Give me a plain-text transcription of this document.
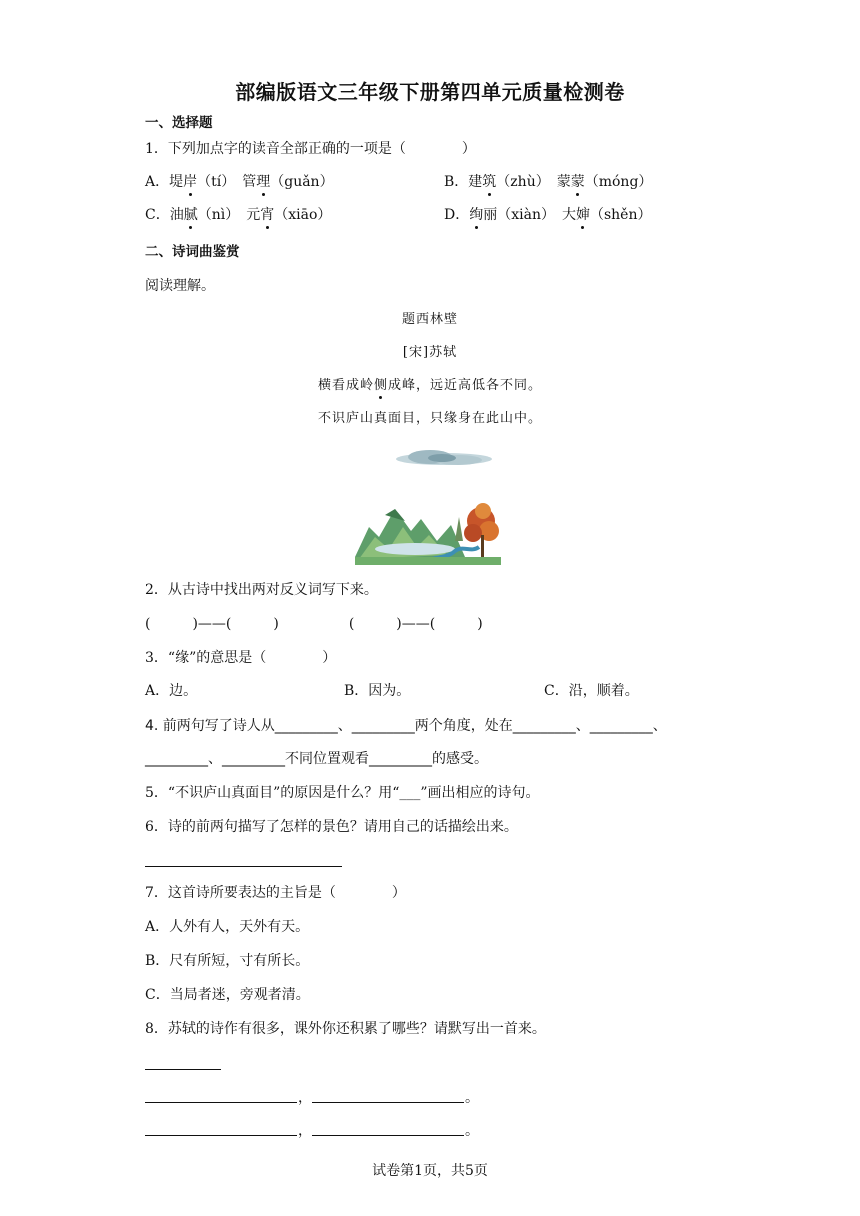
部编版语文三年级下册第四单元质量检测卷
一、选择题
1．下列加点字的读音全部正确的一项是（　　　　）
A．堤岸（tí）　管理（guǎn）	B．建筑（zhù）　蒙蒙（móng）
C．油腻（nì）　元宵（xiāo）	D．绚丽（xiàn）　大婶（shěn）
二、诗词曲鉴赏
阅读理解。
题西林壁
[宋]苏轼
横看成岭侧成峰，远近高低各不同。
不识庐山真面目，只缘身在此山中。
2．从古诗中找出两对反义词写下来。
(　　　)——(　　　)　　　　　(　　　)——(　　　)
3．“缘”的意思是（　　　　）
A．边。	B．因为。	C．沿，顺着。
4. 前两句写了诗人从_________、_________两个角度，处在_________、_________、
_________、_________不同位置观看_________的感受。
5．“不识庐山真面目”的原因是什么？用“___”画出相应的诗句。
6．诗的前两句描写了怎样的景色？请用自己的话描绘出来。
7．这首诗所要表达的主旨是（　　　　）
A．人外有人，天外有天。
B．尺有所短，寸有所长。
C．当局者迷，旁观者清。
8．苏轼的诗作有很多，课外你还积累了哪些？请默写出一首来。
，	。
，	。
试卷第1页，共5页
